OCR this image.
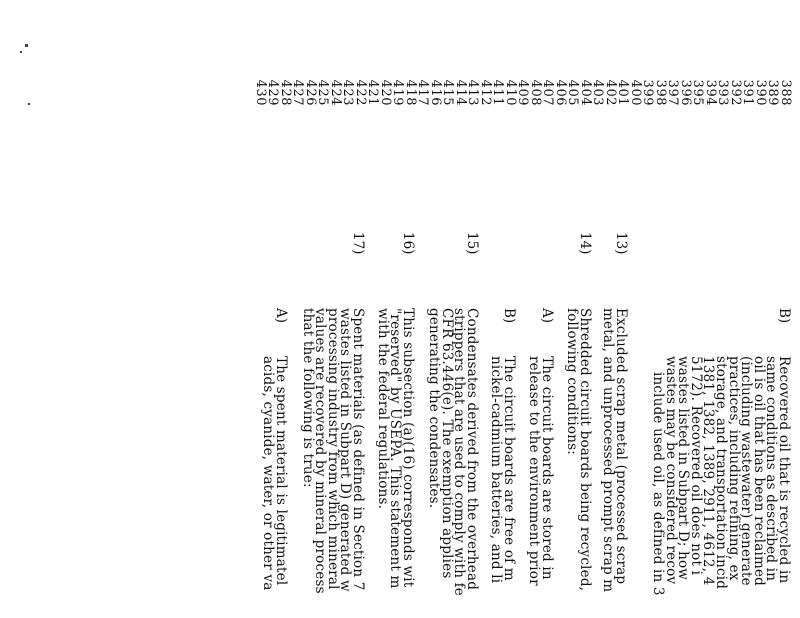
388
389
390
391
392
393
394
395
396
397
398
399
400
401
402
403
404
405
406
407
408
409
410
411
412
413
414
415
416
417
418
419
420
421
422
423
424
425
426
427
428
429
430
B)
Recovered oil that is recycled in
same conditions as described in
oil is oil that has been reclaimed
(including wastewater) generate
practices, including refining, ex
storage, and transportation incid
1381, 1382, 1389, 2911, 4612, 4
5172). Recovered oil does not i
wastes listed in Subpart D; how
wastes may be considered recov
include used oil, as defined in 3
13)
Excluded scrap metal (processed scrap
metal, and unprocessed prompt scrap m
14)
Shredded circuit boards being recycled,
following conditions:
A)
The circuit boards are stored in
release to the environment prior
B)
The circuit boards are free of m
nickel-cadmium batteries, and li
15)
Condensates derived from the overhead
strippers that are used to comply with fe
CFR 63.446(e). The exemption applies
generating the condensates.
16)
This subsection (a)(16) corresponds wit
"reserved" by USEPA. This statement m
with the federal regulations.
17)
Spent materials (as defined in Section 7
wastes listed in Subpart D) generated w
processing industry from which mineral
values are recovered by mineral process
that the following is true:
A)
The spent material is legitimatel
acids, cyanide, water, or other va
